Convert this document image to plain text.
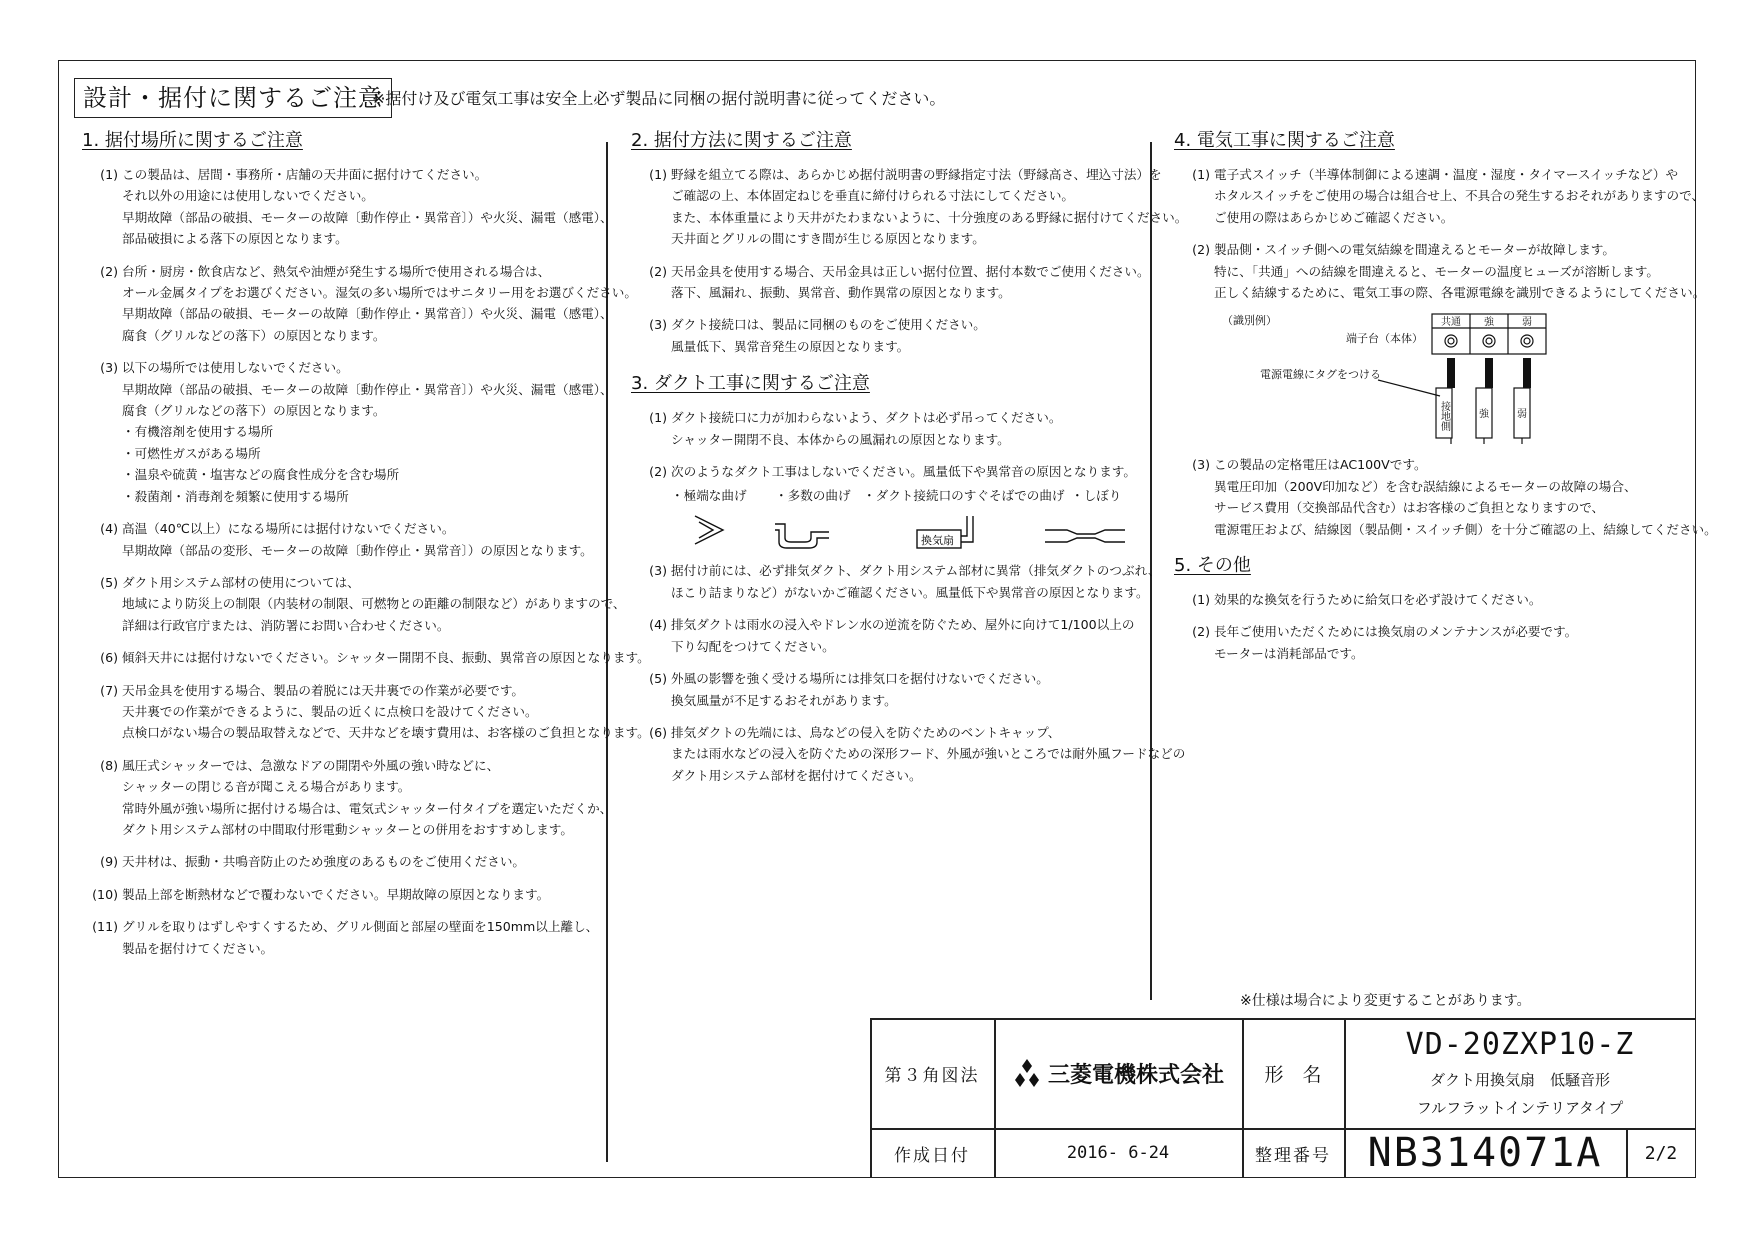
設計・据付に関するご注意
※据付け及び電気工事は安全上必ず製品に同梱の据付説明書に従ってください。
1. 据付場所に関するご注意
(1) この製品は、居間・事務所・店舗の天井面に据付けてください。
それ以外の用途には使用しないでください。
早期故障（部品の破損、モーターの故障〔動作停止・異常音〕）や火災、漏電（感電）、
部品破損による落下の原因となります。
(2) 台所・厨房・飲食店など、熱気や油煙が発生する場所で使用される場合は、
オール金属タイプをお選びください。湿気の多い場所ではサニタリー用をお選びください。
早期故障（部品の破損、モーターの故障〔動作停止・異常音〕）や火災、漏電（感電）、
腐食（グリルなどの落下）の原因となります。
(3) 以下の場所では使用しないでください。
早期故障（部品の破損、モーターの故障〔動作停止・異常音〕）や火災、漏電（感電）、
腐食（グリルなどの落下）の原因となります。
・有機溶剤を使用する場所
・可燃性ガスがある場所
・温泉や硫黄・塩害などの腐食性成分を含む場所
・殺菌剤・消毒剤を頻繁に使用する場所
(4) 高温（40℃以上）になる場所には据付けないでください。
早期故障（部品の変形、モーターの故障〔動作停止・異常音〕）の原因となります。
(5) ダクト用システム部材の使用については、
地域により防災上の制限（内装材の制限、可燃物との距離の制限など）がありますので、
詳細は行政官庁または、消防署にお問い合わせください。
(6) 傾斜天井には据付けないでください。シャッター開閉不良、振動、異常音の原因となります。
(7) 天吊金具を使用する場合、製品の着脱には天井裏での作業が必要です。
天井裏での作業ができるように、製品の近くに点検口を設けてください。
点検口がない場合の製品取替えなどで、天井などを壊す費用は、お客様のご負担となります。
(8) 風圧式シャッターでは、急激なドアの開閉や外風の強い時などに、
シャッターの閉じる音が聞こえる場合があります。
常時外風が強い場所に据付ける場合は、電気式シャッター付タイプを選定いただくか、
ダクト用システム部材の中間取付形電動シャッターとの併用をおすすめします。
(9) 天井材は、振動・共鳴音防止のため強度のあるものをご使用ください。
(10) 製品上部を断熱材などで覆わないでください。早期故障の原因となります。
(11) グリルを取りはずしやすくするため、グリル側面と部屋の壁面を150mm以上離し、
製品を据付けてください。
2. 据付方法に関するご注意
(1) 野縁を組立てる際は、あらかじめ据付説明書の野縁指定寸法（野縁高さ、埋込寸法）を
ご確認の上、本体固定ねじを垂直に締付けられる寸法にしてください。
また、本体重量により天井がたわまないように、十分強度のある野縁に据付けてください。
天井面とグリルの間にすき間が生じる原因となります。
(2) 天吊金具を使用する場合、天吊金具は正しい据付位置、据付本数でご使用ください。
落下、風漏れ、振動、異常音、動作異常の原因となります。
(3) ダクト接続口は、製品に同梱のものをご使用ください。
風量低下、異常音発生の原因となります。
3. ダクト工事に関するご注意
(1) ダクト接続口に力が加わらないよう、ダクトは必ず吊ってください。
シャッター開閉不良、本体からの風漏れの原因となります。
(2) 次のようなダクト工事はしないでください。風量低下や異常音の原因となります。
・極端な曲げ	・多数の曲げ ・ダクト接続口のすぐそばでの曲げ ・しぼり
換気扇
(3) 据付け前には、必ず排気ダクト、ダクト用システム部材に異常（排気ダクトのつぶれ、
ほこり詰まりなど）がないかご確認ください。風量低下や異常音の原因となります。
(4) 排気ダクトは雨水の浸入やドレン水の逆流を防ぐため、屋外に向けて1/100以上の
下り勾配をつけてください。
(5) 外風の影響を強く受ける場所には排気口を据付けないでください。
換気風量が不足するおそれがあります。
(6) 排気ダクトの先端には、鳥などの侵入を防ぐためのベントキャップ、
または雨水などの浸入を防ぐための深形フード、外風が強いところでは耐外風フードなどの
ダクト用システム部材を据付けてください。
4. 電気工事に関するご注意
(1) 電子式スイッチ（半導体制御による速調・温度・湿度・タイマースイッチなど）や
ホタルスイッチをご使用の場合は組合せ上、不具合の発生するおそれがありますので、
ご使用の際はあらかじめご確認ください。
(2) 製品側・スイッチ側への電気結線を間違えるとモーターが故障します。
特に、「共通」への結線を間違えると、モーターの温度ヒューズが溶断します。
正しく結線するために、電気工事の際、各電源電線を識別できるようにしてください。
（識別例）
端子台（本体）
電源電線にタグをつける
共通 強	弱
接地側	強	弱
(3) この製品の定格電圧はAC100Vです。
異電圧印加（200V印加など）を含む誤結線によるモーターの故障の場合、
サービス費用（交換部品代含む）はお客様のご負担となりますので、
電源電圧および、結線図（製品側・スイッチ側）を十分ご確認の上、結線してください。
5. その他
(1) 効果的な換気を行うために給気口を必ず設けてください。
(2) 長年ご使用いただくためには換気扇のメンテナンスが必要です。
モーターは消耗部品です。
※仕様は場合により変更することがあります。
第３角図法	三菱電機株式会社	形　名
VD-20ZXP10-Z
ダクト用換気扇　低騒音形
フルフラットインテリアタイプ
作成日付	2016- 6-24	整理番号 NB314071A	2/2
